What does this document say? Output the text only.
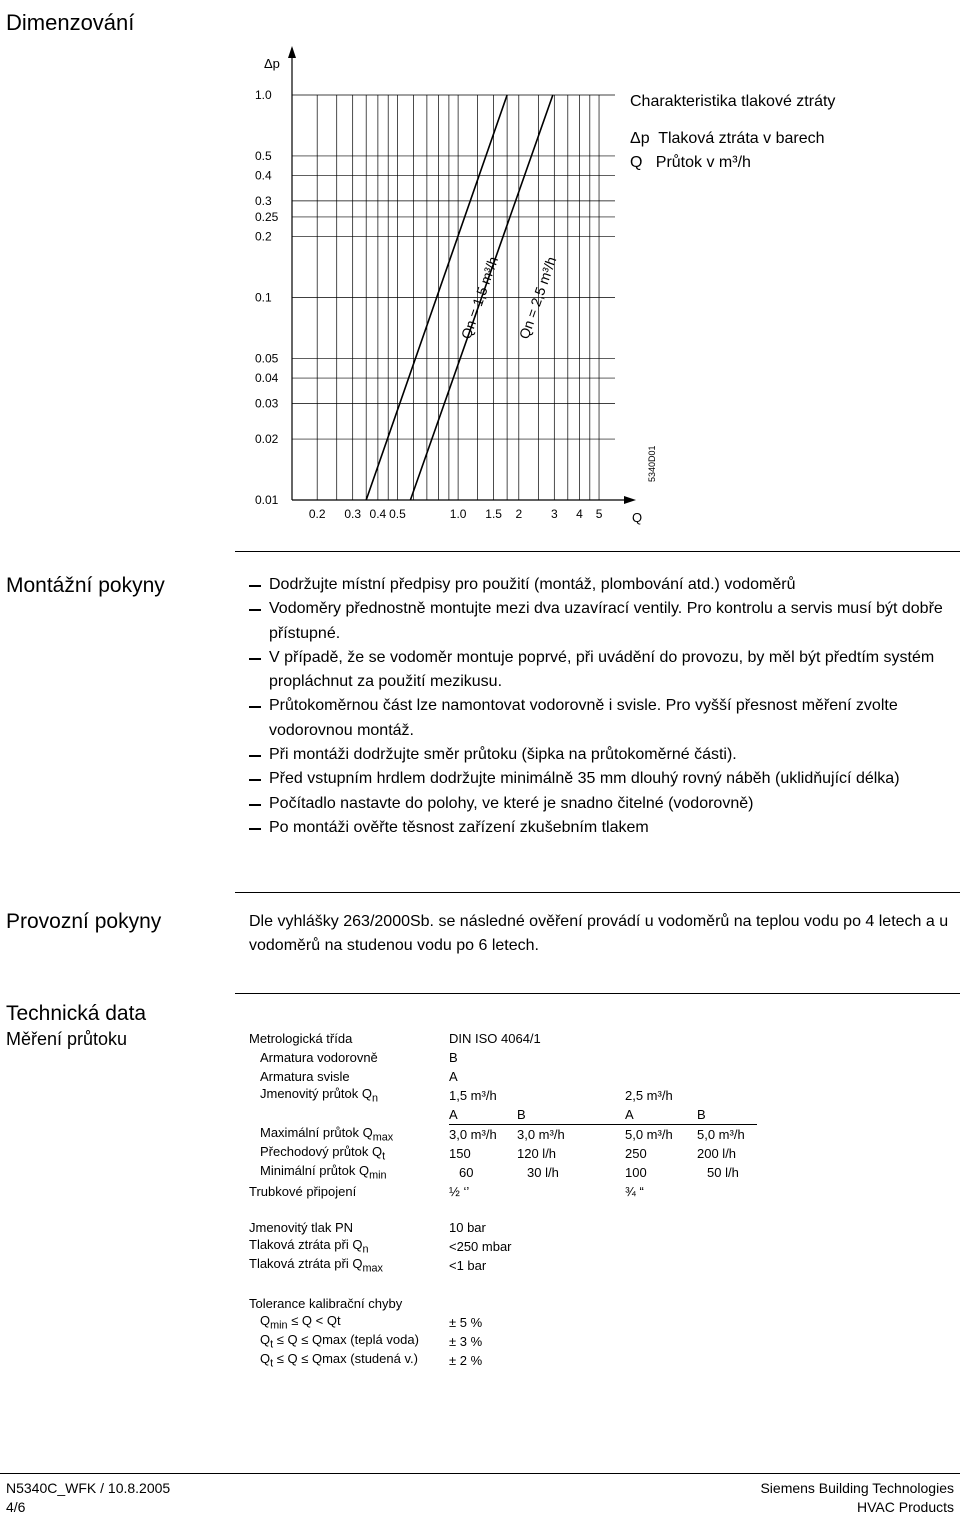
Dimenzování
1.0
0.5
0.4
0.3
0.25
0.2
0.1
0.05
0.04
0.03
0.02
0.01
0.2 0.3 0.4 0.5	1.0 1.5 2 3 4 5
Δp
Q
Qn = 1,5 m³/h Qn = 2,5 m³/h
5340D01
Charakteristika tlakové ztráty
Δp  Tlaková ztráta v barech
Q   Průtok v m³/h
Montážní pokyny	Dodržujte místní předpisy pro použití (montáž, plombování atd.) vodoměrů
Vodoměry přednostně montujte mezi dva uzavírací ventily. Pro kontrolu a servis musí být dobře přístupné.
V případě, že se vodoměr montuje poprvé, při uvádění do provozu, by měl být předtím systém propláchnut za použití mezikusu.
Průtokoměrnou část lze namontovat vodorovně i svisle. Pro vyšší přesnost měření zvolte vodorovnou montáž.
Při montáži dodržujte směr průtoku (šipka na průtokoměrné části).
Před vstupním hrdlem dodržujte minimálně 35 mm dlouhý rovný náběh (uklidňující délka)
Počítadlo nastavte do polohy, ve které je snadno čitelné (vodorovně)
Po montáži ověřte těsnost zařízení zkušebním tlakem
Provozní pokyny	Dle vyhlášky 263/2000Sb. se následné ověření provádí u vodoměrů na teplou vodu po 4 letech a u vodoměrů na studenou vodu po 6 letech.
Technická data
Měření průtoku	Metrologická třída	DIN ISO 4064/1			
Armatura vodorovně	B			
Armatura svisle	A			
Jmenovitý průtok $Q_n$	1,5 m³/h		2,5 m³/h	
	A	B	A	B
Maximální průtok $Q_{max}$	3,0 m³/h	3,0 m³/h	5,0 m³/h	5,0 m³/h
Přechodový průtok $Q_t$	150	120 l/h	250	200 l/h
Minimální průtok $Q_{min}$	60	30 l/h	100	50 l/h
Trubkové připojení	½ ‘’		¾ “	
Jmenovitý tlak PN	10 bar
Tlaková ztráta při $Q_n$	<250 mbar
Tlaková ztráta při $Q_{max}$	<1 bar
Tolerance kalibrační chyby	
$Q_{min} \le Q < Qt$	± 5 %
$Q_t \le Q \le Qmax$ (teplá voda)	± 3 %
$Q_t \le Q \le Qmax$ (studená v.)	± 2 %
N5340C_WFK / 10.8.2005
4/6
Siemens Building Technologies
HVAC Products
